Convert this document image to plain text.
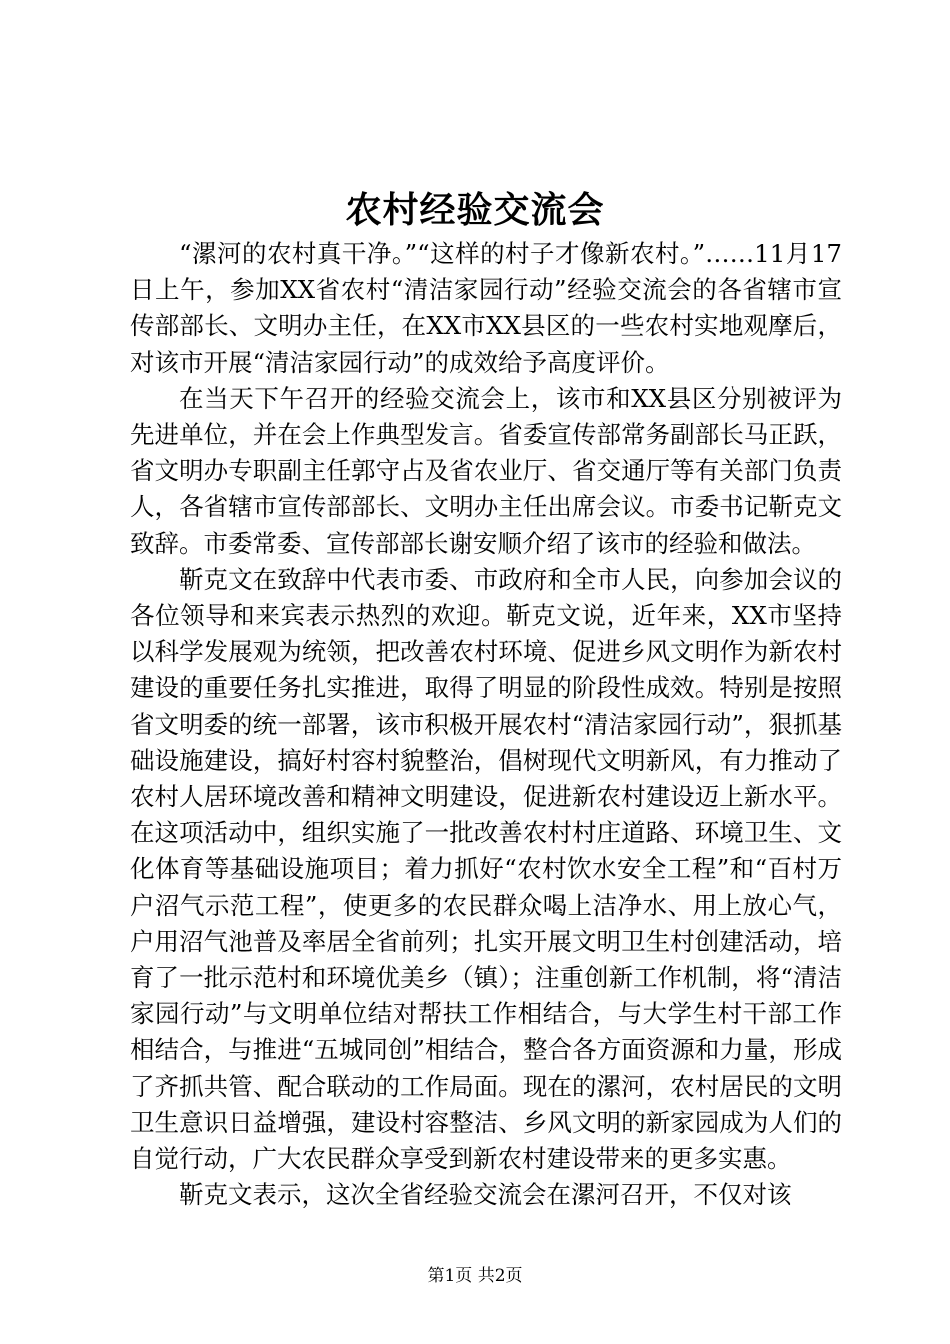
农村经验交流会

“漯河的农村真干净。”“这样的村子才像新农村。”……11月17日上午，参加XX省农村“清洁家园行动”经验交流会的各省辖市宣传部部长、文明办主任，在XX市XX县区的一些农村实地观摩后，对该市开展“清洁家园行动”的成效给予高度评价。

在当天下午召开的经验交流会上，该市和XX县区分别被评为先进单位，并在会上作典型发言。省委宣传部常务副部长马正跃，省文明办专职副主任郭守占及省农业厅、省交通厅等有关部门负责人，各省辖市宣传部部长、文明办主任出席会议。市委书记靳克文致辞。市委常委、宣传部部长谢安顺介绍了该市的经验和做法。

靳克文在致辞中代表市委、市政府和全市人民，向参加会议的各位领导和来宾表示热烈的欢迎。靳克文说，近年来，XX市坚持以科学发展观为统领，把改善农村环境、促进乡风文明作为新农村建设的重要任务扎实推进，取得了明显的阶段性成效。特别是按照省文明委的统一部署，该市积极开展农村“清洁家园行动”，狠抓基础设施建设，搞好村容村貌整治，倡树现代文明新风，有力推动了农村人居环境改善和精神文明建设，促进新农村建设迈上新水平。在这项活动中，组织实施了一批改善农村村庄道路、环境卫生、文化体育等基础设施项目；着力抓好“农村饮水安全工程”和“百村万户沼气示范工程”，使更多的农民群众喝上洁净水、用上放心气，户用沼气池普及率居全省前列；扎实开展文明卫生村创建活动，培育了一批示范村和环境优美乡（镇）；注重创新工作机制，将“清洁家园行动”与文明单位结对帮扶工作相结合，与大学生村干部工作相结合，与推进“五城同创”相结合，整合各方面资源和力量，形成了齐抓共管、配合联动的工作局面。现在的漯河，农村居民的文明卫生意识日益增强，建设村容整洁、乡风文明的新家园成为人们的自觉行动，广大农民群众享受到新农村建设带来的更多实惠。

靳克文表示，这次全省经验交流会在漯河召开，不仅对该

第1页 共2页
